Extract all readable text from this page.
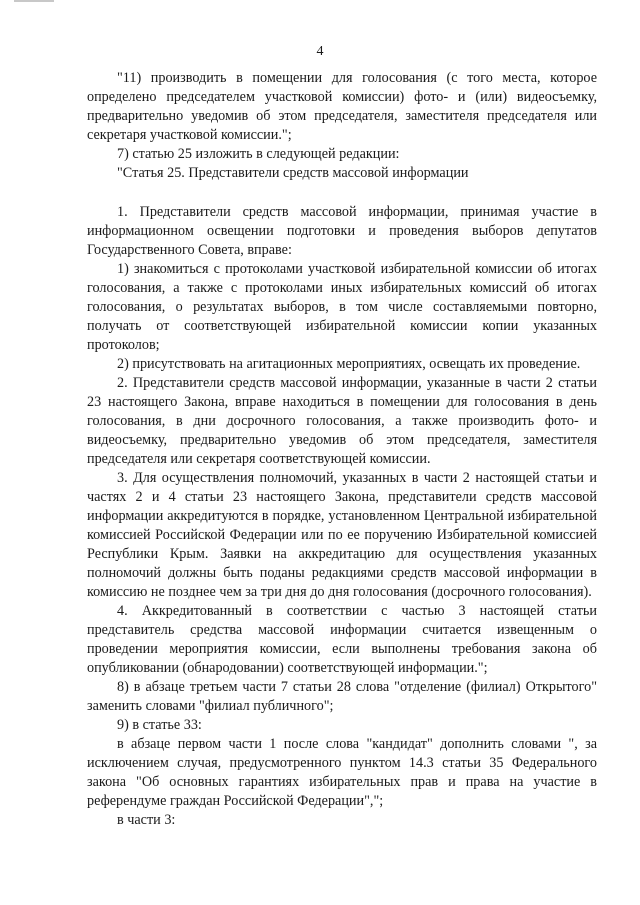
4

"11) производить в помещении для голосования (с того места, которое определено председателем участковой комиссии) фото- и (или) видеосъемку, предварительно уведомив об этом председателя, заместителя председателя или секретаря участковой комиссии.";

7) статью 25 изложить в следующей редакции:

"Статья 25. Представители средств массовой информации

1. Представители средств массовой информации, принимая участие в информационном освещении подготовки и проведения выборов депутатов Государственного Совета, вправе:

1) знакомиться с протоколами участковой избирательной комиссии об итогах голосования, а также с протоколами иных избирательных комиссий об итогах голосования, о результатах выборов, в том числе составляемыми повторно, получать от соответствующей избирательной комиссии копии указанных протоколов;

2) присутствовать на агитационных мероприятиях, освещать их проведение.

2. Представители средств массовой информации, указанные в части 2 статьи 23 настоящего Закона, вправе находиться в помещении для голосования в день голосования, в дни досрочного голосования, а также производить фото- и видеосъемку, предварительно уведомив об этом председателя, заместителя председателя или секретаря соответствующей комиссии.

3. Для осуществления полномочий, указанных в части 2 настоящей статьи и частях 2 и 4 статьи 23 настоящего Закона, представители средств массовой информации аккредитуются в порядке, установленном Центральной избирательной комиссией Российской Федерации или по ее поручению Избирательной комиссией Республики Крым. Заявки на аккредитацию для осуществления указанных полномочий должны быть поданы редакциями средств массовой информации в комиссию не позднее чем за три дня до дня голосования (досрочного голосования).

4. Аккредитованный в соответствии с частью 3 настоящей статьи представитель средства массовой информации считается извещенным о проведении мероприятия комиссии, если выполнены требования закона об опубликовании (обнародовании) соответствующей информации.";

8) в абзаце третьем части 7 статьи 28 слова "отделение (филиал) Открытого" заменить словами "филиал публичного";

9) в статье 33:

в абзаце первом части 1 после слова "кандидат" дополнить словами ", за исключением случая, предусмотренного пунктом 14.3 статьи 35 Федерального закона "Об основных гарантиях избирательных прав и права на участие в референдуме граждан Российской Федерации",";

в части 3:
